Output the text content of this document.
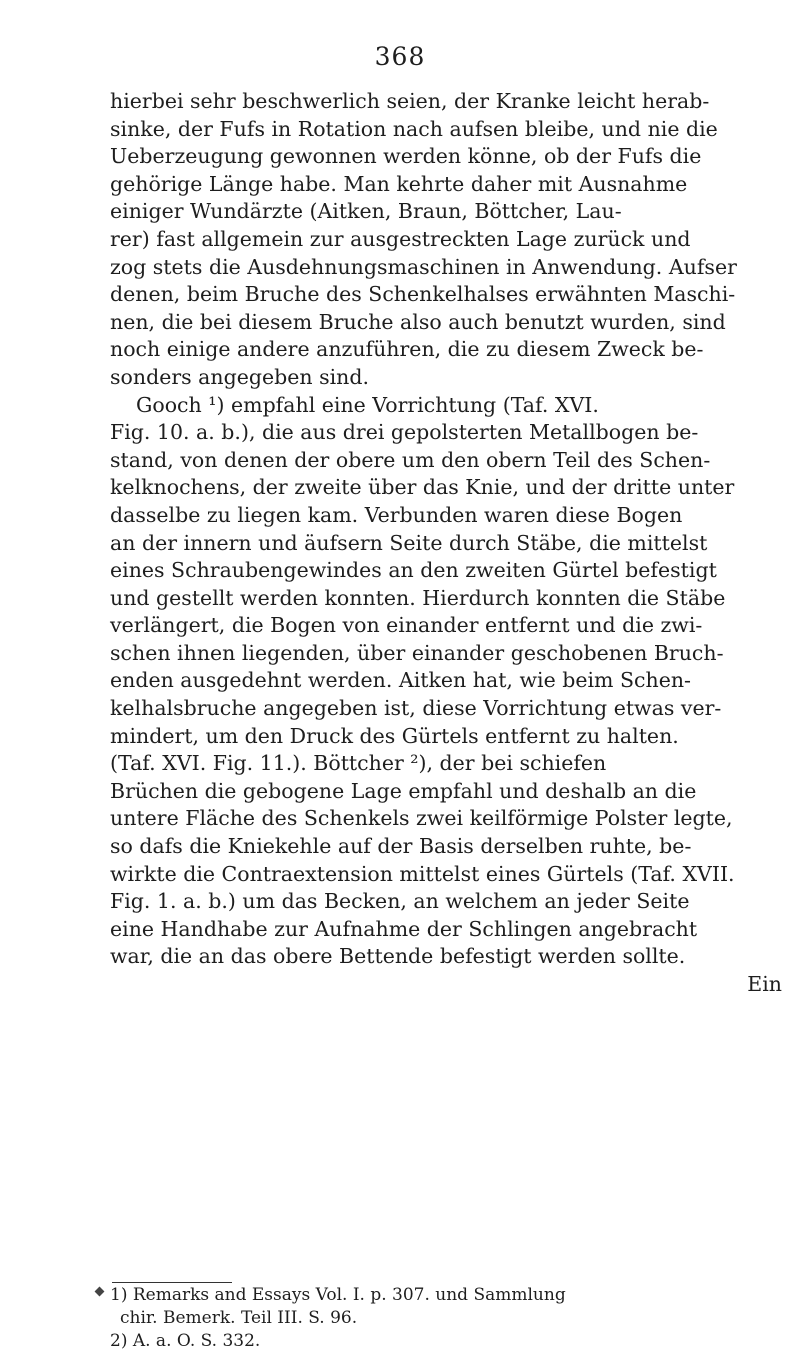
368
hierbei sehr beschwerlich seien, der Kranke leicht herab-
sinke, der Fufs in Rotation nach aufsen bleibe, und nie die
Ueberzeugung gewonnen werden könne, ob der Fufs die
gehörige Länge habe. Man kehrte daher mit Ausnahme
einiger Wundärzte (Aitken, Braun, Böttcher, Lau-
rer) fast allgemein zur ausgestreckten Lage zurück und
zog stets die Ausdehnungsmaschinen in Anwendung. Aufser
denen, beim Bruche des Schenkelhalses erwähnten Maschi-
nen, die bei diesem Bruche also auch benutzt wurden, sind
noch einige andere anzuführen, die zu diesem Zweck be-
sonders angegeben sind.
Gooch ¹) empfahl eine Vorrichtung (Taf. XVI.
Fig. 10. a. b.), die aus drei gepolsterten Metallbogen be-
stand, von denen der obere um den obern Teil des Schen-
kelknochens, der zweite über das Knie, und der dritte unter
dasselbe zu liegen kam. Verbunden waren diese Bogen
an der innern und äufsern Seite durch Stäbe, die mittelst
eines Schraubengewindes an den zweiten Gürtel befestigt
und gestellt werden konnten. Hierdurch konnten die Stäbe
verlängert, die Bogen von einander entfernt und die zwi-
schen ihnen liegenden, über einander geschobenen Bruch-
enden ausgedehnt werden. Aitken hat, wie beim Schen-
kelhalsbruche angegeben ist, diese Vorrichtung etwas ver-
mindert, um den Druck des Gürtels entfernt zu halten.
(Taf. XVI. Fig. 11.). Böttcher ²), der bei schiefen
Brüchen die gebogene Lage empfahl und deshalb an die
untere Fläche des Schenkels zwei keilförmige Polster legte,
so dafs die Kniekehle auf der Basis derselben ruhte, be-
wirkte die Contraextension mittelst eines Gürtels (Taf. XVII.
Fig. 1. a. b.) um das Becken, an welchem an jeder Seite
eine Handhabe zur Aufnahme der Schlingen angebracht
war, die an das obere Bettende befestigt werden sollte.
Ein
1) Remarks and Essays Vol. I. p. 307. und Sammlung
chir. Bemerk. Teil III. S. 96.
2) A. a. O. S. 332.
